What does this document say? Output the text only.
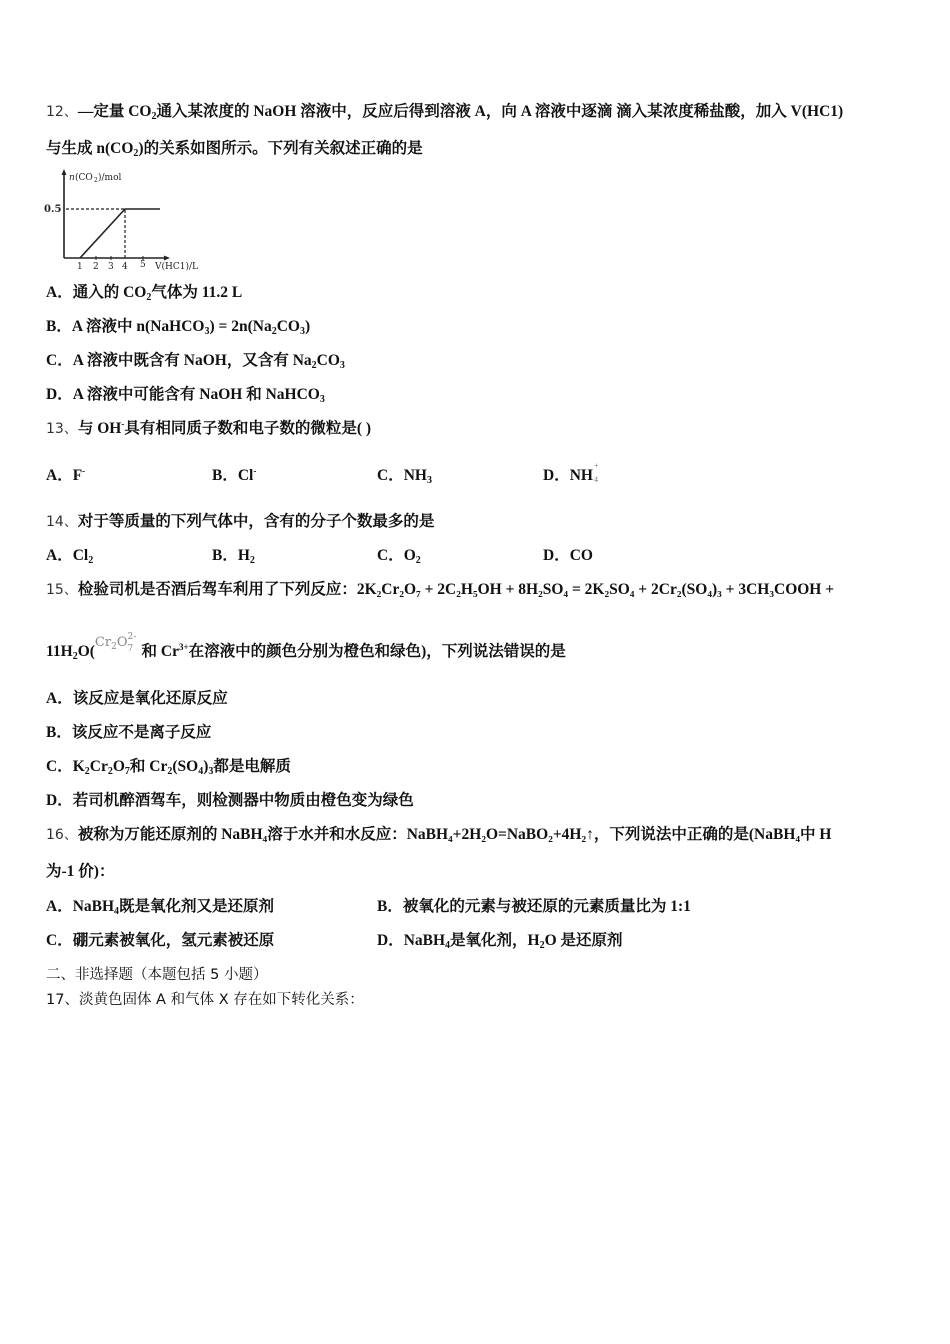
12、—定量 $CO_2$通入某浓度的 NaOH 溶液中，反应后得到溶液 A，向 A 溶液中逐滴 滴入某浓度稀盐酸，加入 V(HC1)
与生成 $n(CO_2)$的关系如图所示。下列有关叙述正确的是
n (CO 2 )/mol
0.5
1 2 3 4 5 V(HC1)/L
A．通入的 $CO_2$气体为 11.2 L
B．A 溶液中 n(NaHCO$_3$) = $2n(Na_2CO_3)$
C．A 溶液中既含有 NaOH，又含有 $Na_2CO_3$
D．A 溶液中可能含有 NaOH 和 NaHCO$_3$
13、与 OH-具有相同质子数和电子数的微粒是( )
A．F-	B．Cl-	C．$NH_3$	D．NH
+
4
14、对于等质量的下列气体中，含有的分子个数最多的是
A．$Cl_2$	B．$H_2$	C．$O_2$	D．CO
15、检验司机是否酒后驾车利用了下列反应：2K₂Cr₂O₇ + 2C₂H₅OH + 8H₂SO₄ = 2K₂SO₄ + 2Cr₂(SO₄)₃ + 3CH₃COOH +
$11H_2O(Cr_2O$ 2-
7 和 $Cr^{3+}$在溶液中的颜色分别为橙色和绿色)，下列说法错误的是
A．该反应是氧化还原反应
B．该反应不是离子反应
C．$K_2Cr_2O_7$和 $Cr_2(SO_4)_3$都是电解质
D．若司机醉酒驾车，则检测器中物质由橙色变为绿色
16、被称为万能还原剂的 NaBH₄溶于水并和水反应：NaBH₄+2H₂O=NaBO₂+4H₂↑，下列说法中正确的是(NaBH₄中 H
为-1 价)：
A．NaBH$_4$既是氧化剂又是还原剂	B．被氧化的元素与被还原的元素质量比为 1:1
C．硼元素被氧化，氢元素被还原	D．NaBH$_4$是氧化剂，$H_2O$ 是还原剂
二、非选择题（本题包括 5 小题）
17、淡黄色固体 A 和气体 X 存在如下转化关系：
